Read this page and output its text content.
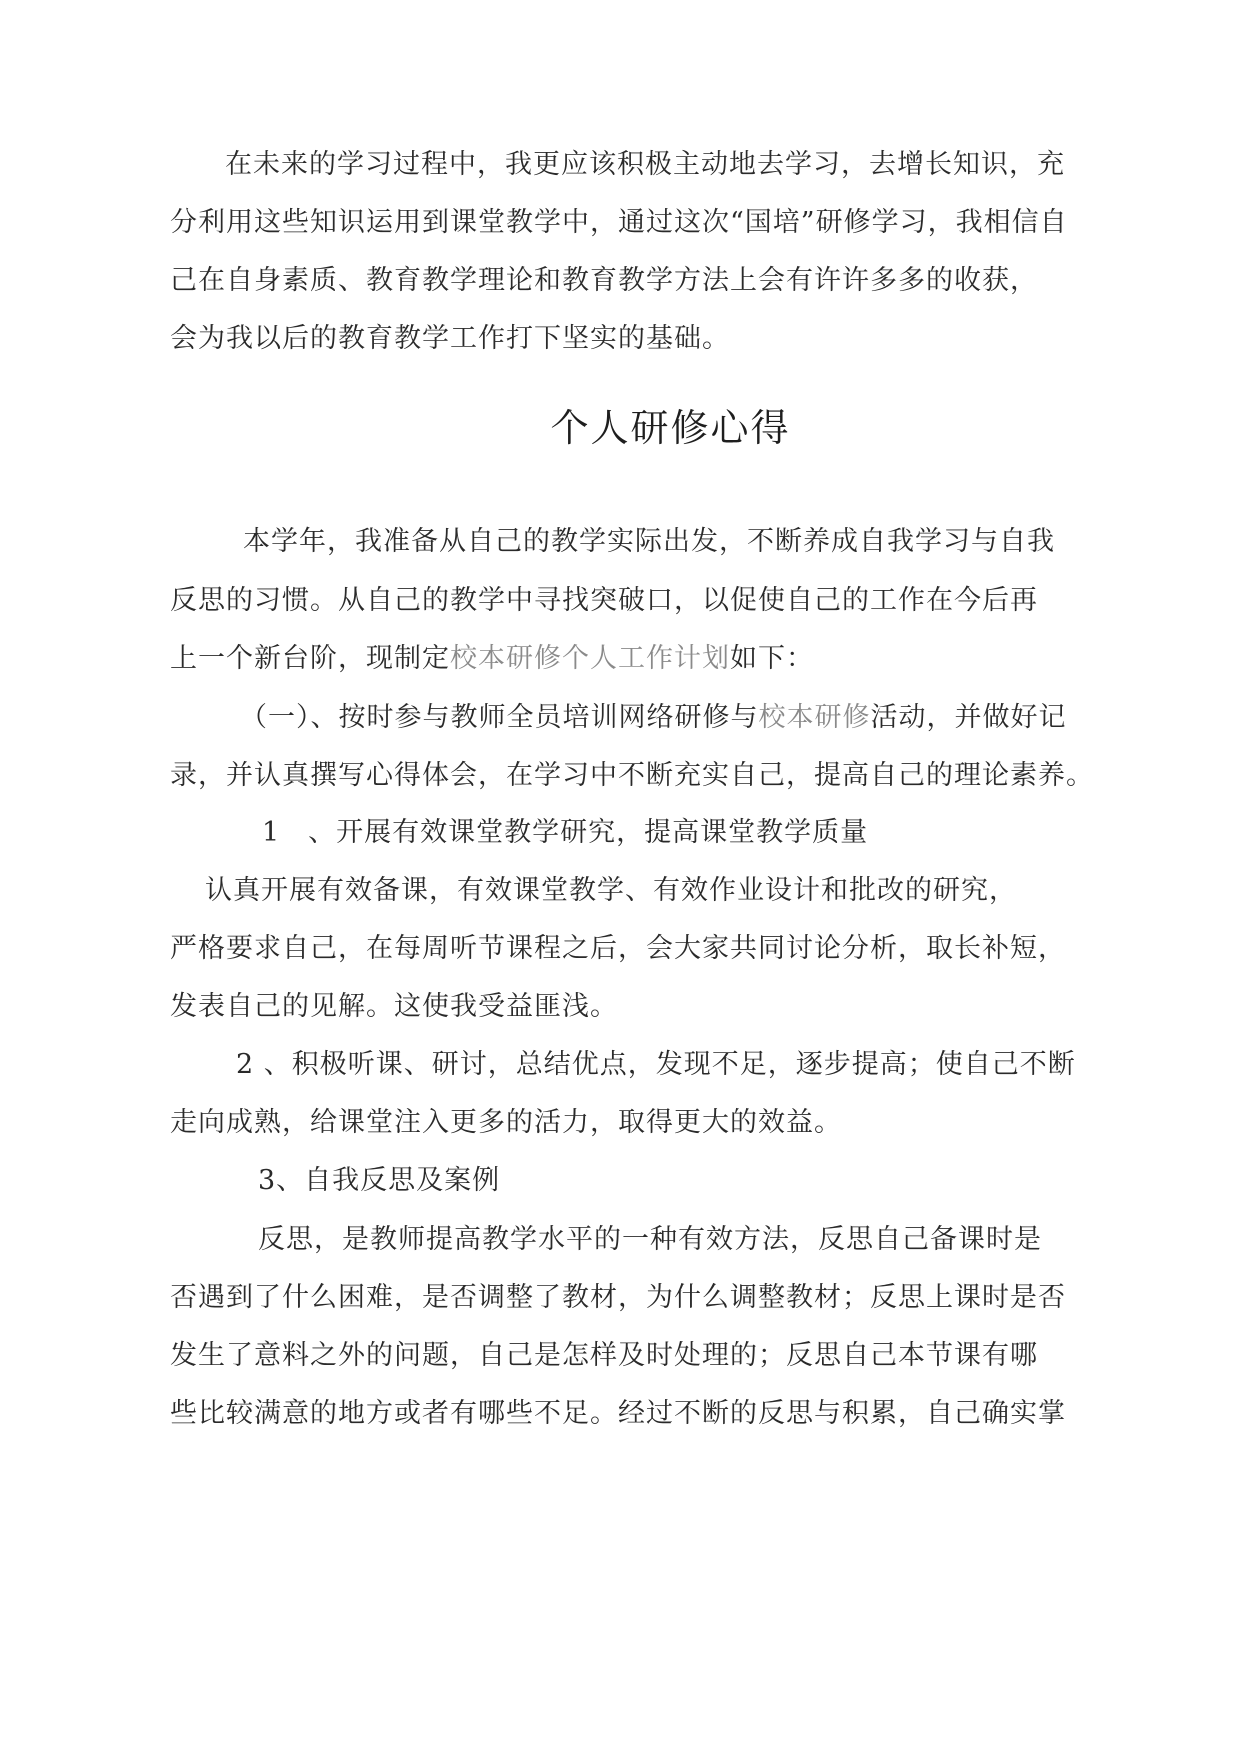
在未来的学习过程中，我更应该积极主动地去学习，去增长知识，充
分利用这些知识运用到课堂教学中，通过这次“国培”研修学习，我相信自
己在自身素质、教育教学理论和教育教学方法上会有许许多多的收获，
会为我以后的教育教学工作打下坚实的基础。
个人研修心得
本学年，我准备从自己的教学实际出发，不断养成自我学习与自我
反思的习惯。从自己的教学中寻找突破口，以促使自己的工作在今后再
上一个新台阶，现制定校本研修个人工作计划如下：
（一）、按时参与教师全员培训网络研修与校本研修活动，并做好记
录，并认真撰写心得体会，在学习中不断充实自己，提高自己的理论素养。
1　、开展有效课堂教学研究，提高课堂教学质量
认真开展有效备课，有效课堂教学、有效作业设计和批改的研究，
严格要求自己，在每周听节课程之后，会大家共同讨论分析，取长补短，
发表自己的见解。这使我受益匪浅。
2 、积极听课、研讨，总结优点，发现不足，逐步提高；使自己不断
走向成熟，给课堂注入更多的活力，取得更大的效益。
3、自我反思及案例
反思，是教师提高教学水平的一种有效方法，反思自己备课时是
否遇到了什么困难，是否调整了教材，为什么调整教材；反思上课时是否
发生了意料之外的问题，自己是怎样及时处理的；反思自己本节课有哪
些比较满意的地方或者有哪些不足。经过不断的反思与积累，自己确实掌
